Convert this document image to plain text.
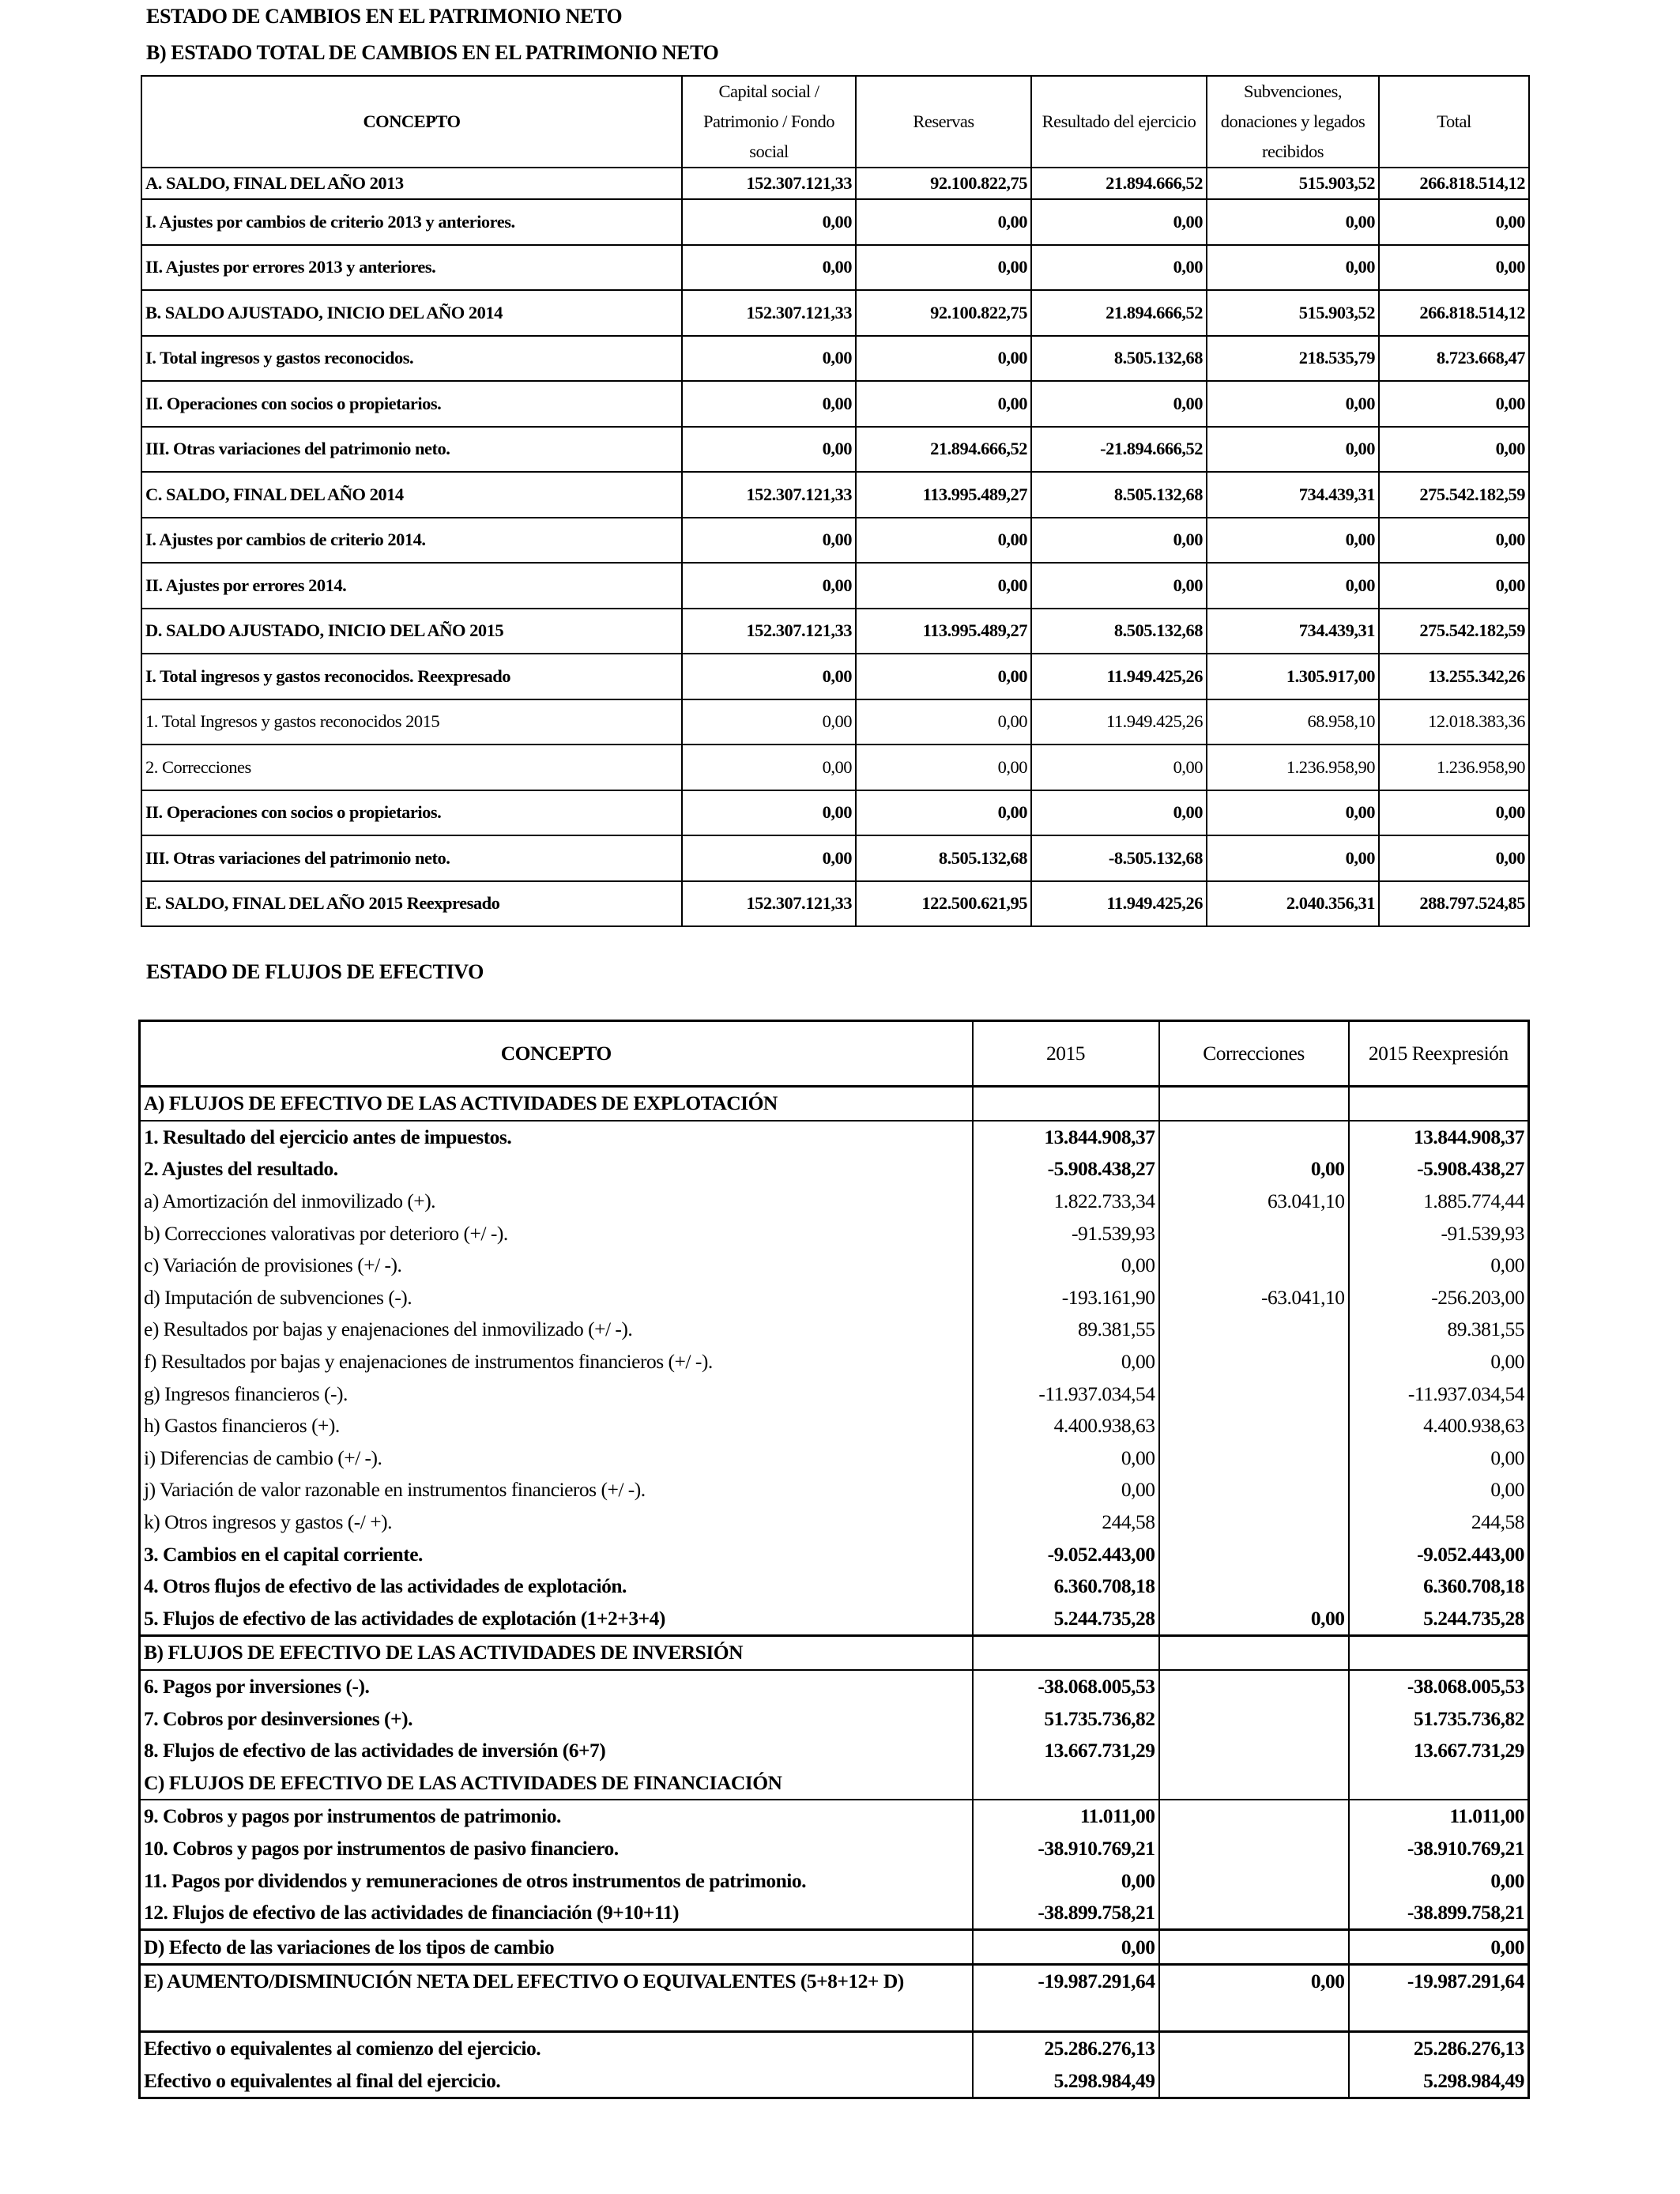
ESTADO DE CAMBIOS EN EL PATRIMONIO NETO
B) ESTADO TOTAL DE CAMBIOS EN EL PATRIMONIO NETO
CONCEPTO	Capital social / Patrimonio / Fondo social	Reservas	Resultado del ejercicio	Subvenciones, donaciones y legados recibidos	Total
A. SALDO, FINAL DEL AÑO 2013	152.307.121,33	92.100.822,75	21.894.666,52	515.903,52	266.818.514,12
I. Ajustes por cambios de criterio 2013 y anteriores.	0,00	0,00	0,00	0,00	0,00
II. Ajustes por errores 2013 y anteriores.	0,00	0,00	0,00	0,00	0,00
B. SALDO AJUSTADO, INICIO DEL AÑO 2014	152.307.121,33	92.100.822,75	21.894.666,52	515.903,52	266.818.514,12
I. Total ingresos y gastos reconocidos.	0,00	0,00	8.505.132,68	218.535,79	8.723.668,47
II. Operaciones con socios o propietarios.	0,00	0,00	0,00	0,00	0,00
III. Otras variaciones del patrimonio neto.	0,00	21.894.666,52	-21.894.666,52	0,00	0,00
C. SALDO, FINAL DEL AÑO 2014	152.307.121,33	113.995.489,27	8.505.132,68	734.439,31	275.542.182,59
I. Ajustes por cambios de criterio 2014.	0,00	0,00	0,00	0,00	0,00
II. Ajustes por errores 2014.	0,00	0,00	0,00	0,00	0,00
D. SALDO AJUSTADO, INICIO DEL AÑO 2015	152.307.121,33	113.995.489,27	8.505.132,68	734.439,31	275.542.182,59
I. Total ingresos y gastos reconocidos. Reexpresado	0,00	0,00	11.949.425,26	1.305.917,00	13.255.342,26
1. Total Ingresos y gastos reconocidos 2015	0,00	0,00	11.949.425,26	68.958,10	12.018.383,36
2. Correcciones	0,00	0,00	0,00	1.236.958,90	1.236.958,90
II. Operaciones con socios o propietarios.	0,00	0,00	0,00	0,00	0,00
III. Otras variaciones del patrimonio neto.	0,00	8.505.132,68	-8.505.132,68	0,00	0,00
E. SALDO, FINAL DEL AÑO 2015 Reexpresado	152.307.121,33	122.500.621,95	11.949.425,26	2.040.356,31	288.797.524,85
ESTADO DE FLUJOS DE EFECTIVO
CONCEPTO	2015	Correcciones	2015 Reexpresión
A) FLUJOS DE EFECTIVO DE LAS ACTIVIDADES DE EXPLOTACIÓN			
1. Resultado del ejercicio antes de impuestos.	13.844.908,37		13.844.908,37
2. Ajustes del resultado.	-5.908.438,27	0,00	-5.908.438,27
a) Amortización del inmovilizado (+).	1.822.733,34	63.041,10	1.885.774,44
b) Correcciones valorativas por deterioro (+/ -).	-91.539,93		-91.539,93
c) Variación de provisiones (+/ -).	0,00		0,00
d) Imputación de subvenciones (-).	-193.161,90	-63.041,10	-256.203,00
e) Resultados por bajas y enajenaciones del inmovilizado (+/ -).	89.381,55		89.381,55
f) Resultados por bajas y enajenaciones de instrumentos financieros (+/ -).	0,00		0,00
g) Ingresos financieros (-).	-11.937.034,54		-11.937.034,54
h) Gastos financieros (+).	4.400.938,63		4.400.938,63
i) Diferencias de cambio (+/ -).	0,00		0,00
j) Variación de valor razonable en instrumentos financieros (+/ -).	0,00		0,00
k) Otros ingresos y gastos (-/ +).	244,58		244,58
3. Cambios en el capital corriente.	-9.052.443,00		-9.052.443,00
4. Otros flujos de efectivo de las actividades de explotación.	6.360.708,18		6.360.708,18
5. Flujos de efectivo de las actividades de explotación (1+2+3+4)	5.244.735,28	0,00	5.244.735,28
B) FLUJOS DE EFECTIVO DE LAS ACTIVIDADES DE INVERSIÓN			
6. Pagos por inversiones (-).	-38.068.005,53		-38.068.005,53
7. Cobros por desinversiones (+).	51.735.736,82		51.735.736,82
8. Flujos de efectivo de las actividades de inversión (6+7)	13.667.731,29		13.667.731,29
C) FLUJOS DE EFECTIVO DE LAS ACTIVIDADES DE FINANCIACIÓN			
9. Cobros y pagos por instrumentos de patrimonio.	11.011,00		11.011,00
10. Cobros y pagos por instrumentos de pasivo financiero.	-38.910.769,21		-38.910.769,21
11. Pagos por dividendos y remuneraciones de otros instrumentos de patrimonio.	0,00		0,00
12. Flujos de efectivo de las actividades de financiación (9+10+11)	-38.899.758,21		-38.899.758,21
D) Efecto de las variaciones de los tipos de cambio	0,00		0,00
E) AUMENTO/DISMINUCIÓN NETA DEL EFECTIVO O EQUIVALENTES (5+8+12+ D)	-19.987.291,64	0,00	-19.987.291,64
Efectivo o equivalentes al comienzo del ejercicio.	25.286.276,13		25.286.276,13
Efectivo o equivalentes al final del ejercicio.	5.298.984,49		5.298.984,49
